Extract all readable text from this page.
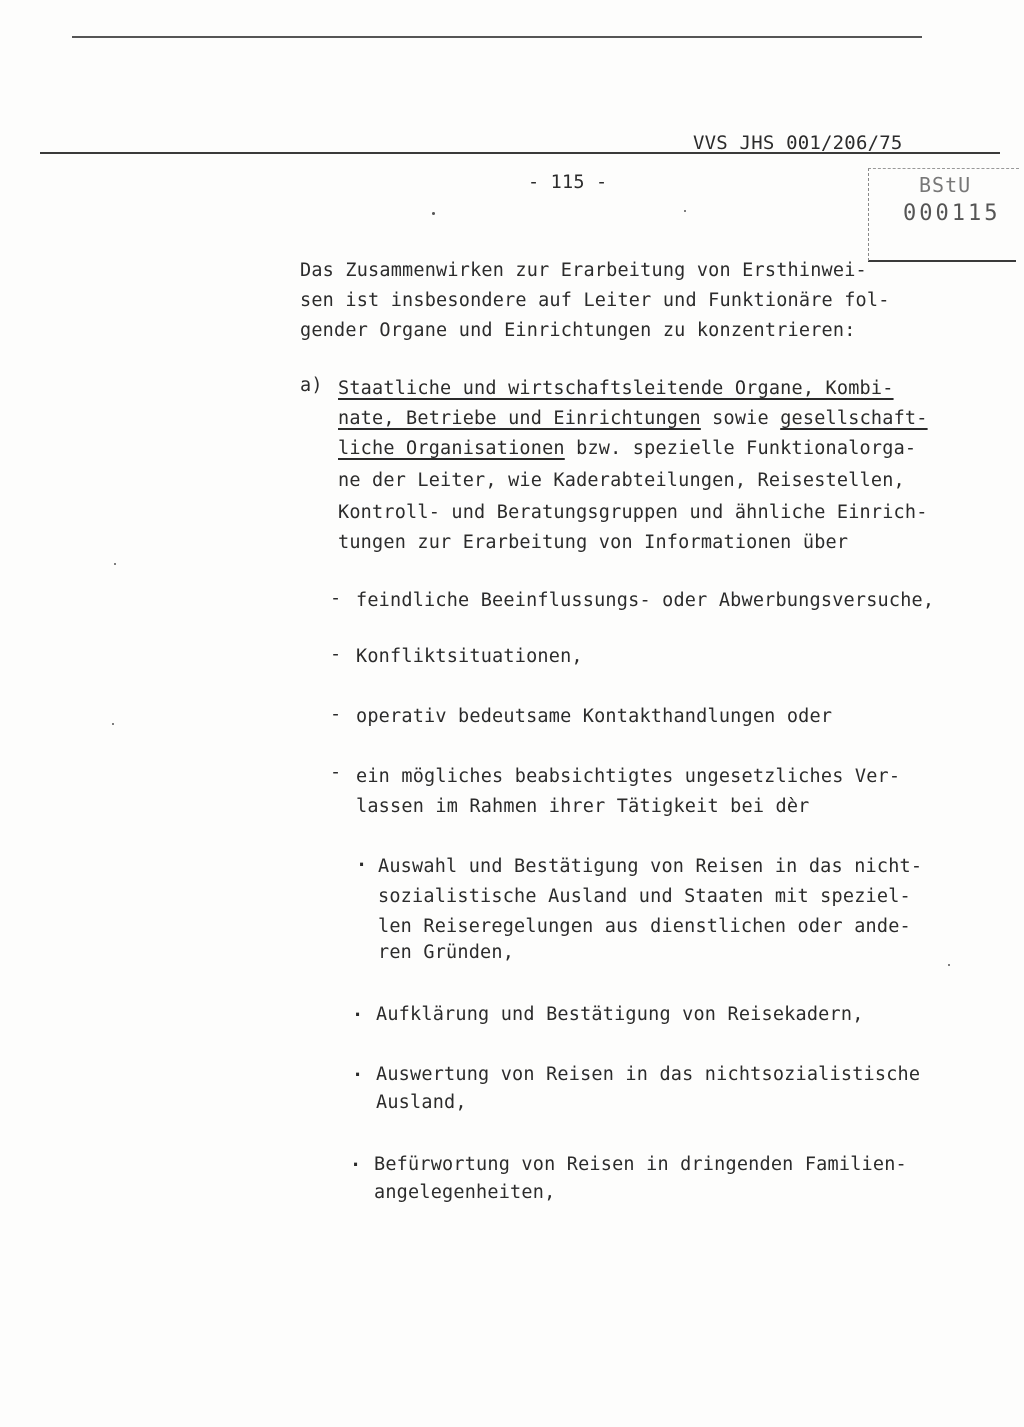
VVS JHS 001/206/75
- 115 -	BStU
000115
Das Zusammenwirken zur Erarbeitung von Ersthinwei-
sen ist insbesondere auf Leiter und Funktionäre fol-
gender Organe und Einrichtungen zu konzentrieren:
a) Staatliche und wirtschaftsleitende Organe, Kombi-
nate, Betriebe und Einrichtungen sowie gesellschaft-
liche Organisationen bzw. spezielle Funktionalorga-
ne der Leiter, wie Kaderabteilungen, Reisestellen,
Kontroll- und Beratungsgruppen und ähnliche Einrich-
tungen zur Erarbeitung von Informationen über
- feindliche Beeinflussungs- oder Abwerbungsversuche,
- Konfliktsituationen,
- operativ bedeutsame Kontakthandlungen oder
- ein mögliches beabsichtigtes ungesetzliches Ver-
lassen im Rahmen ihrer Tätigkeit bei dèr
. Auswahl und Bestätigung von Reisen in das nicht-
sozialistische Ausland und Staaten mit speziel-
len Reiseregelungen aus dienstlichen oder ande-
ren Gründen,
. Aufklärung und Bestätigung von Reisekadern,
. Auswertung von Reisen in das nichtsozialistische
Ausland,
. Befürwortung von Reisen in dringenden Familien-
angelegenheiten,
